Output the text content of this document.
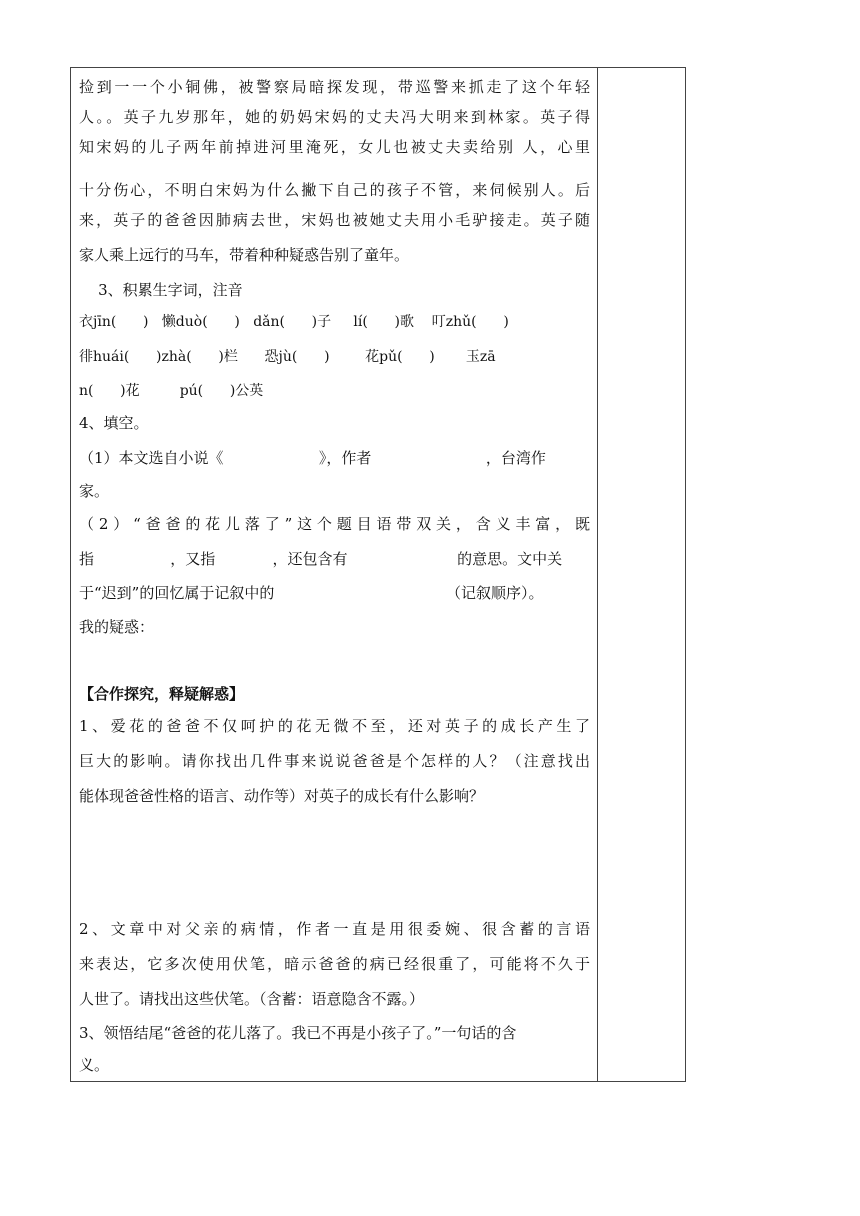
捡到一一个小铜佛，被警察局暗探发现，带巡警来抓走了这个年轻
人。。英子九岁那年，她的奶妈宋妈的丈夫冯大明来到林家。英子得
知宋妈的儿子两年前掉进河里淹死，女儿也被丈夫卖给别 人，心里
十分伤心，不明白宋妈为什么撇下自己的孩子不管，来伺候别人。后
来，英子的爸爸因肺病去世，宋妈也被她丈夫用小毛驴接走。英子随
家人乘上远行的马车，带着种种疑惑告别了童年。
3、积累生字词，注音
衣jīn(      )   懒duò(      )   dǎn(      )子     lí(      )歌    叮zhǔ(      )
徘huái(      )zhà(      )栏      恐jù(      )        花pǔ(      )       玉zā
n(      )花         pú(      )公英
4、填空。
（1）本文选自小说《                    》，作者                        ，台湾作
家。
（2）“爸爸的花儿落了”这个题目语带双关，含义丰富，既
指                ，又指            ，还包含有                       的意思。文中关
于“迟到”的回忆属于记叙中的                                    （记叙顺序）。
我的疑惑：
【合作探究，释疑解惑】
1、爱花的爸爸不仅呵护的花无微不至，还对英子的成长产生了
巨大的影响。请你找出几件事来说说爸爸是个怎样的人？（注意找出
能体现爸爸性格的语言、动作等）对英子的成长有什么影响？
2、文章中对父亲的病情，作者一直是用很委婉、很含蓄的言语
来表达，它多次使用伏笔，暗示爸爸的病已经很重了，可能将不久于
人世了。请找出这些伏笔。（含蓄：语意隐含不露。）
3、领悟结尾“爸爸的花儿落了。我已不再是小孩子了。”一句话的含
义。
